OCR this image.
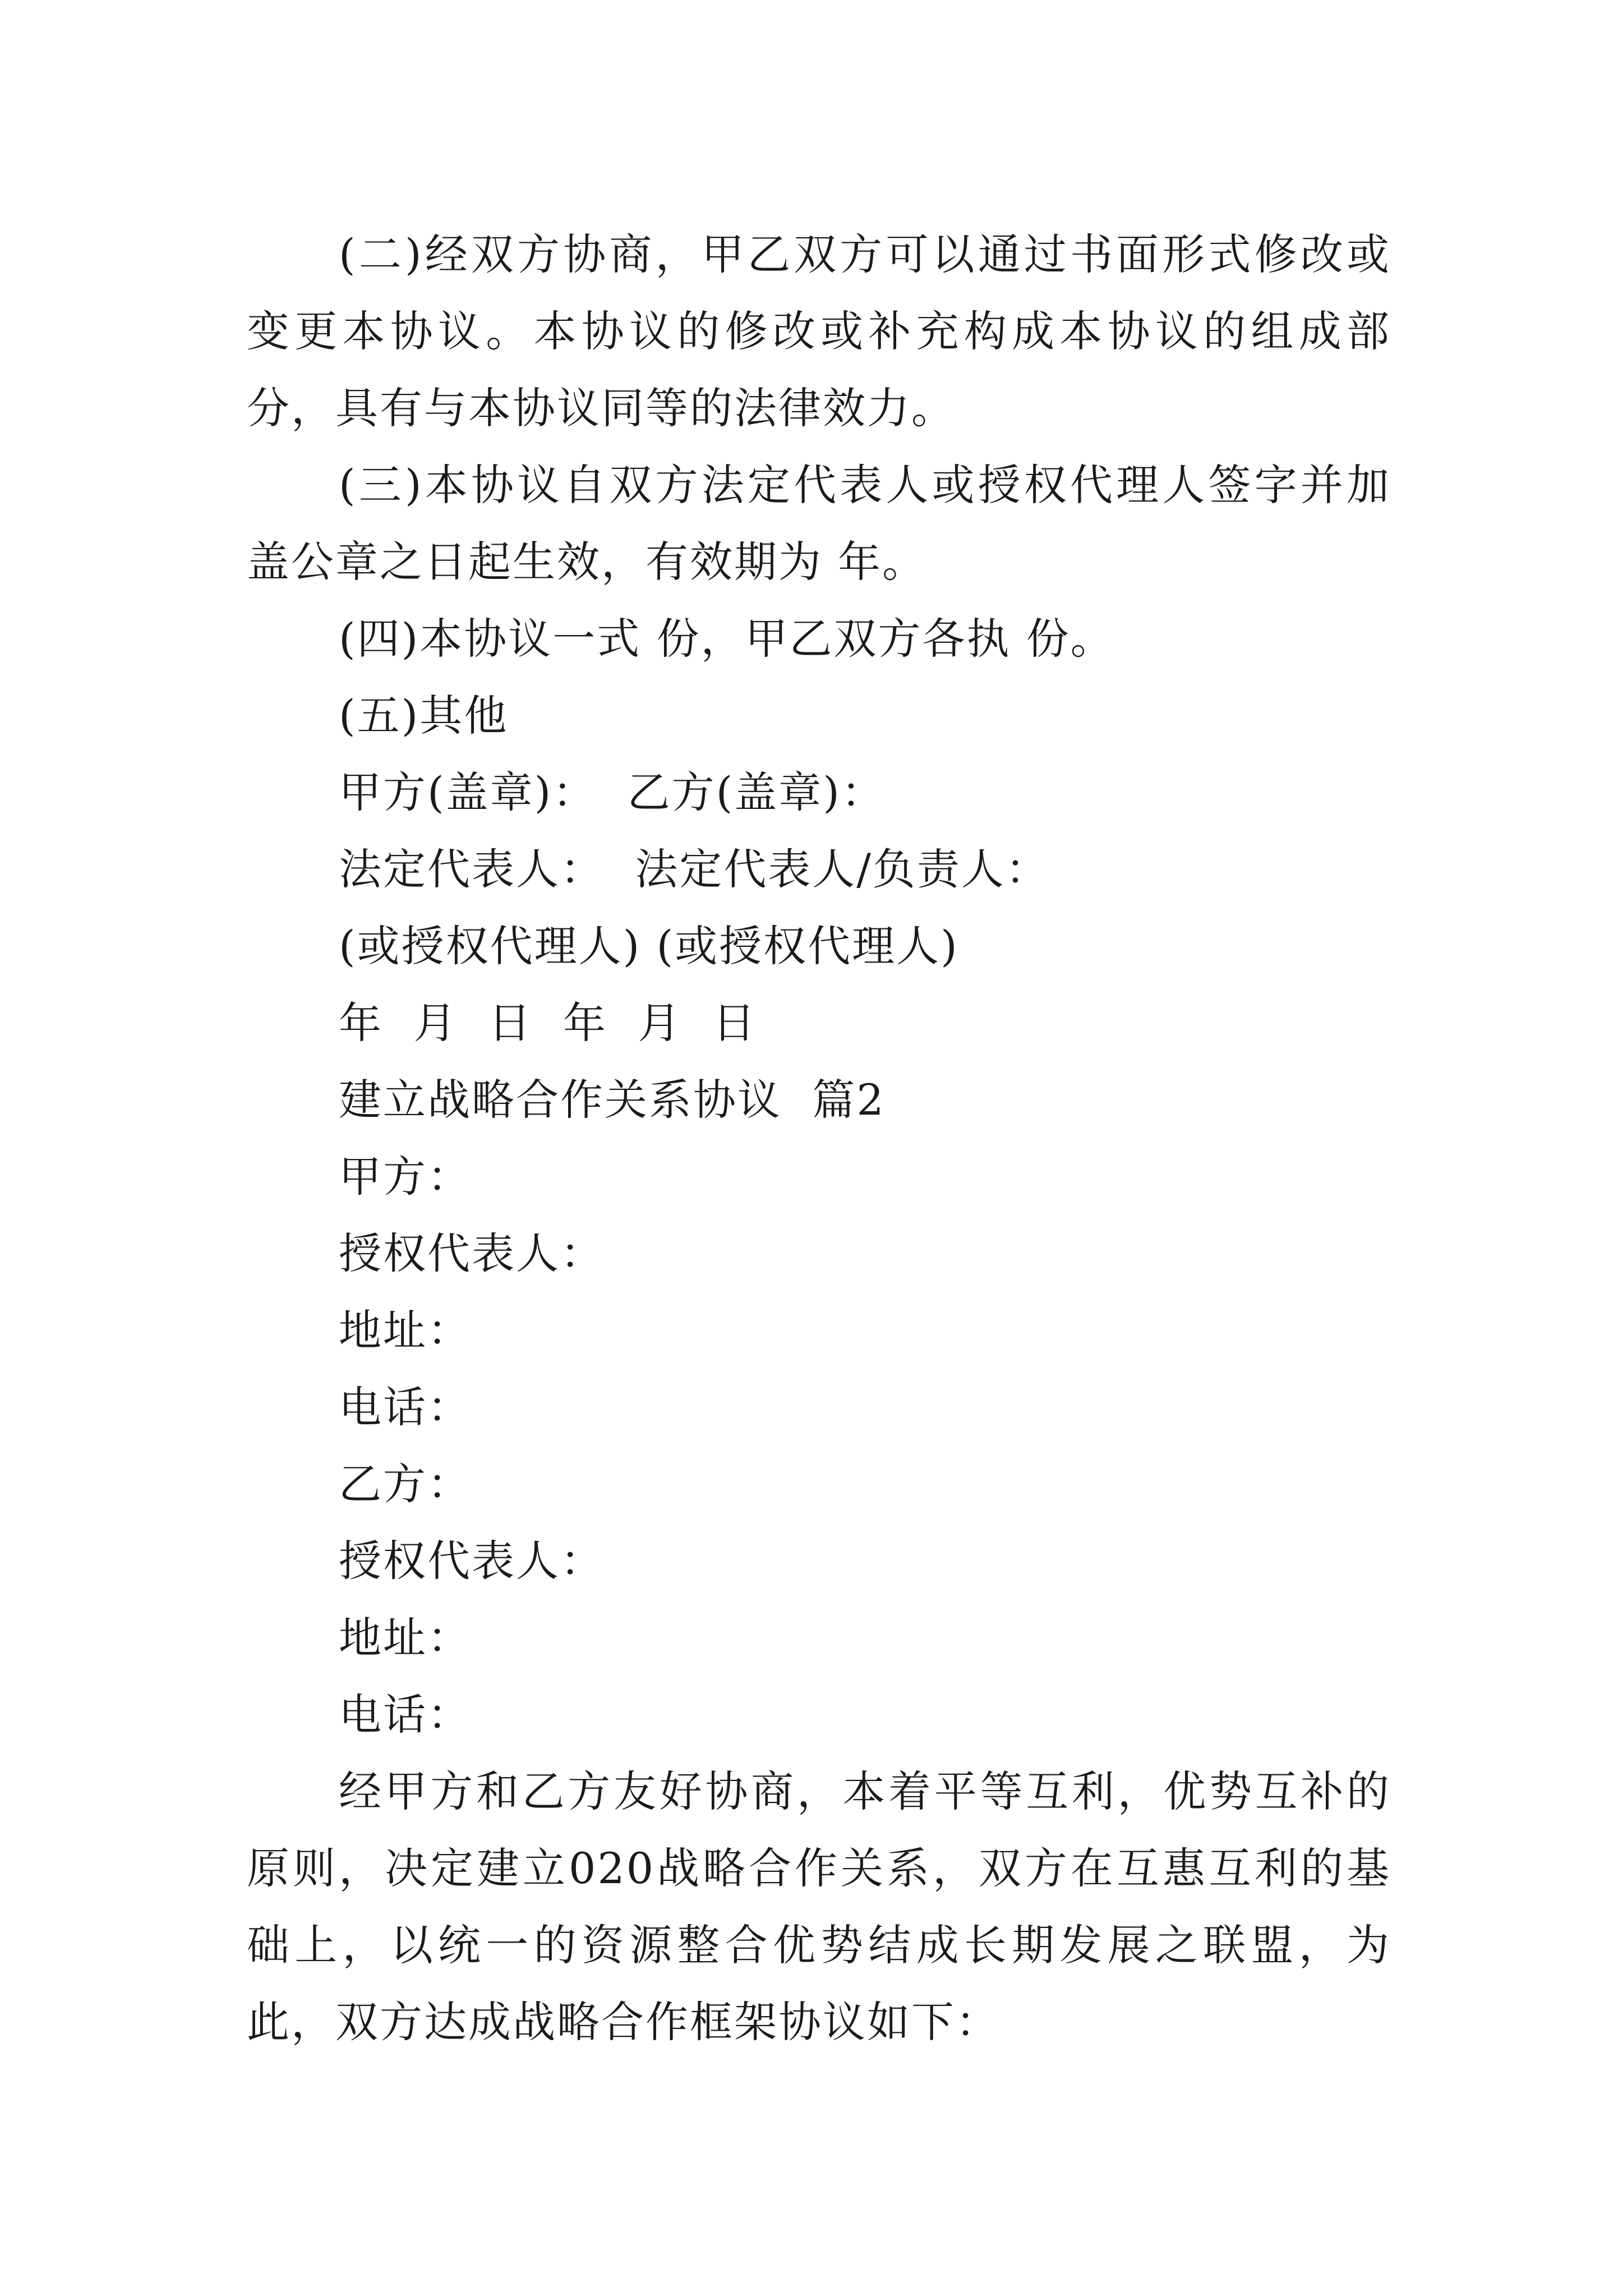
(二)经双方协商，甲乙双方可以通过书面形式修改或变更本协议。本协议的修改或补充构成本协议的组成部分，具有与本协议同等的法律效力。

(三)本协议自双方法定代表人或授权代理人签字并加盖公章之日起生效，有效期为 年。

(四)本协议一式 份，甲乙双方各执 份。

(五)其他

甲方(盖章)：  乙方(盖章)：

法定代表人：  法定代表人/负责人：

(或授权代理人) (或授权代理人)

年  月  日  年  月  日

建立战略合作关系协议  篇2

甲方：

授权代表人：

地址：

电话：

乙方：

授权代表人：

地址：

电话：

经甲方和乙方友好协商，本着平等互利，优势互补的原则，决定建立020战略合作关系，双方在互惠互利的基础上，以统一的资源整合优势结成长期发展之联盟，为此，双方达成战略合作框架协议如下：
